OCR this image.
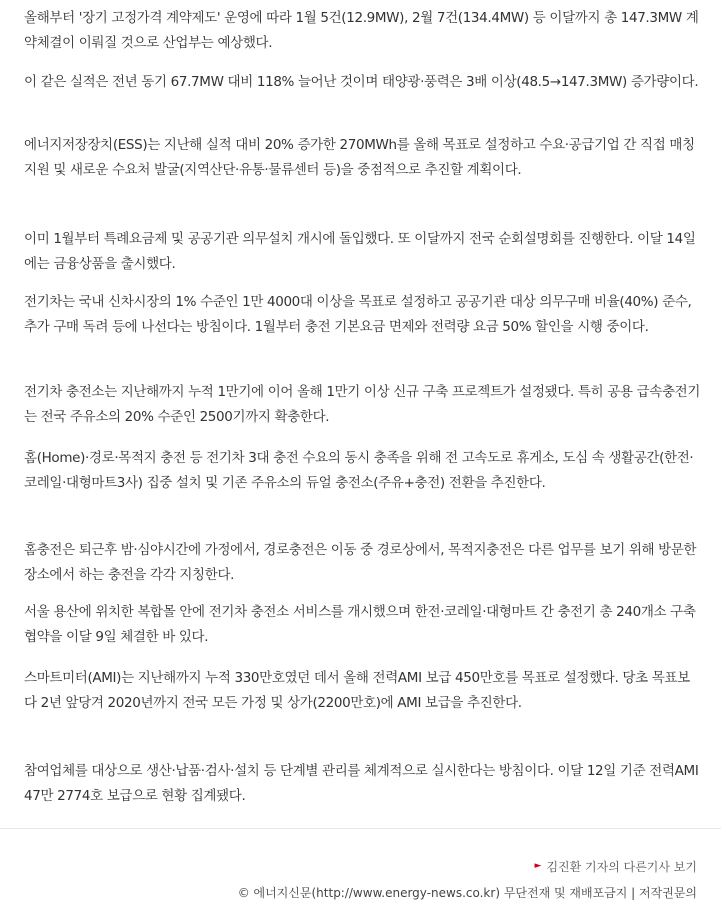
올해부터 '장기 고정가격 계약제도' 운영에 따라 1월 5건(12.9MW), 2월 7건(134.4MW) 등 이달까지 총 147.3MW 계약체결이 이뤄질 것으로 산업부는 예상했다.

이 같은 실적은 전년 동기 67.7MW 대비 118% 늘어난 것이며 태양광·풍력은 3배 이상(48.5→147.3MW) 증가량이다.

에너지저장장치(ESS)는 지난해 실적 대비 20% 증가한 270MWh를 올해 목표로 설정하고 수요·공급기업 간 직접 매칭 지원 및 새로운 수요처 발굴(지역산단·유통·물류센터 등)을 중점적으로 추진할 계획이다.

이미 1월부터 특례요금제 및 공공기관 의무설치 개시에 돌입했다. 또 이달까지 전국 순회설명회를 진행한다. 이달 14일에는 금융상품을 출시했다.

전기차는 국내 신차시장의 1% 수준인 1만 4000대 이상을 목표로 설정하고 공공기관 대상 의무구매 비율(40%) 준수, 추가 구매 독려 등에 나선다는 방침이다. 1월부터 충전 기본요금 면제와 전력량 요금 50% 할인을 시행 중이다.

전기차 충전소는 지난해까지 누적 1만기에 이어 올해 1만기 이상 신규 구축 프로젝트가 설정됐다. 특히 공용 급속충전기는 전국 주유소의 20% 수준인 2500기까지 확충한다.

홈(Home)·경로·목적지 충전 등 전기차 3대 충전 수요의 동시 충족을 위해 전 고속도로 휴게소, 도심 속 생활공간(한전·코레일·대형마트3사) 집중 설치 및 기존 주유소의 듀얼 충전소(주유+충전) 전환을 추진한다.

홈충전은 퇴근후 밤·심야시간에 가정에서, 경로충전은 이동 중 경로상에서, 목적지충전은 다른 업무를 보기 위해 방문한 장소에서 하는 충전을 각각 지칭한다.

서울 용산에 위치한 복합몰 안에 전기차 충전소 서비스를 개시했으며 한전·코레일·대형마트 간 충전기 총 240개소 구축 협약을 이달 9일 체결한 바 있다.

스마트미터(AMI)는 지난해까지 누적 330만호였던 데서 올해 전력AMI 보급 450만호를 목표로 설정했다. 당초 목표보다 2년 앞당겨 2020년까지 전국 모든 가정 및 상가(2200만호)에 AMI 보급을 추진한다.

참여업체를 대상으로 생산·납품·검사·설치 등 단계별 관리를 체계적으로 실시한다는 방침이다. 이달 12일 기준 전력AMI 47만 2774호 보급으로 현황 집계됐다.

► 김진환 기자의 다른기사 보기
© 에너지신문(http://www.energy-news.co.kr) 무단전재 및 재배포금지 | 저작권문의
